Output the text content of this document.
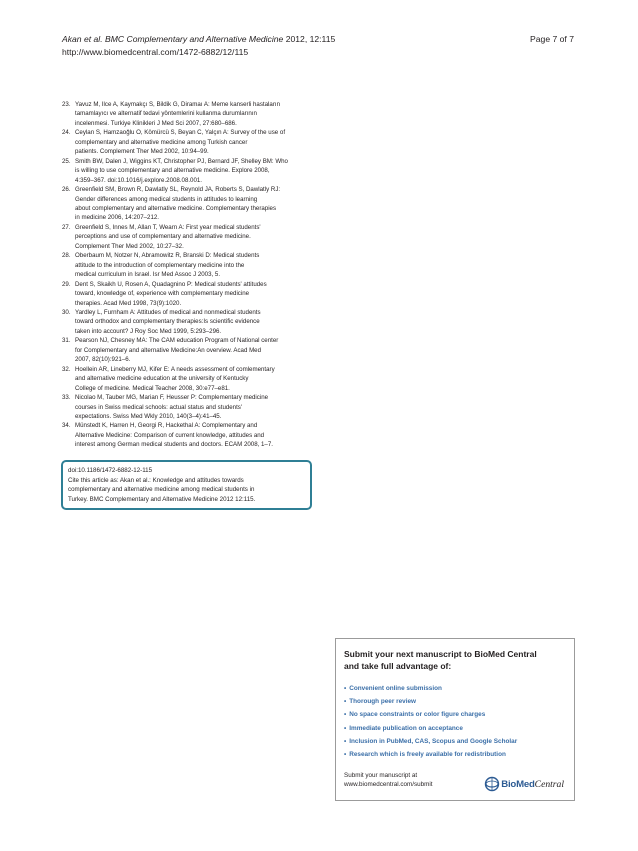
Akan et al. BMC Complementary and Alternative Medicine 2012, 12:115
http://www.biomedcentral.com/1472-6882/12/115
Page 7 of 7
23. Yavuz M, Ilce A, Kaymakçı S, Bildik G, Diramaı A: Meme kanserli hastaların
tamamlayıcı ve alternatif tedavi yöntemlerini kullanma durumlarının
incelenmesi. Turkiye Klinikleri J Med Sci 2007, 27:680–686.
24. Ceylan S, Hamzaoğlu O, Kömürcü S, Beyan C, Yalçın A: Survey of the use of
complementary and alternative medicine among Turkish cancer
patients. Complement Ther Med 2002, 10:94–99.
25. Smith BW, Dalen J, Wiggins KT, Christopher PJ, Bernard JF, Shelley BM: Who
is willing to use complementary and alternative medicine. Explore 2008,
4:359–367. doi:10.1016/j.explore.2008.08.001.
26. Greenfield SM, Brown R, Dawlatly SL, Reynold JA, Roberts S, Dawlatly RJ:
Gender differences among medical students in attitudes to learning
about complementary and alternative medicine. Complementary therapies
in medicine 2006, 14:207–212.
27. Greenfield S, Innes M, Allan T, Wearn A: First year medical students'
perceptions and use of complementary and alternative medicine.
Complement Ther Med 2002, 10:27–32.
28. Oberbaum M, Notzer N, Abramowitz R, Branski D: Medical students
attitude to the introduction of complementary medicine into the
medical curriculum in Israel. Isr Med Assoc J 2003, 5.
29. Dent S, Skaikh U, Rosen A, Quadagnino P: Medical students' attitudes
toward, knowledge of, experience with complementary medicine
therapies. Acad Med 1998, 73(9):1020.
30. Yardley L, Furnham A: Attitudes of medical and nonmedical students
toward orthodox and complementary therapies:Is scientific evidence
taken into account? J Roy Soc Med 1999, 5:293–296.
31. Pearson NJ, Chesney MA: The CAM education Program of National center
for Complementary and alternative Medicine:An overview. Acad Med
2007, 82(10):921–6.
32. Hoellein AR, Lineberry MJ, Kifer E: A needs assessment of comlementary
and alternative medicine education at the university of Kentucky
College of medicine. Medical Teacher 2008, 30:e77–e81.
33. Nicolao M, Tauber MG, Marian F, Heusser P: Complementary medicine
courses in Swiss medical schools: actual status and students'
expectations. Swiss Med Wkly 2010, 140(3–4):41–45.
34. Münstedt K, Harren H, Georgi R, Hackethal A: Complementary and
Alternative Medicine: Comparison of current knowledge, attitudes and
interest among German medical students and doctors. ECAM 2008, 1–7.
doi:10.1186/1472-6882-12-115
Cite this article as: Akan et al.: Knowledge and attitudes towards
complementary and alternative medicine among medical students in
Turkey. BMC Complementary and Alternative Medicine 2012 12:115.
Submit your next manuscript to BioMed Central
and take full advantage of:
• Convenient online submission
• Thorough peer review
• No space constraints or color figure charges
• Immediate publication on acceptance
• Inclusion in PubMed, CAS, Scopus and Google Scholar
• Research which is freely available for redistribution
Submit your manuscript at
www.biomedcentral.com/submit	BioMed Central
